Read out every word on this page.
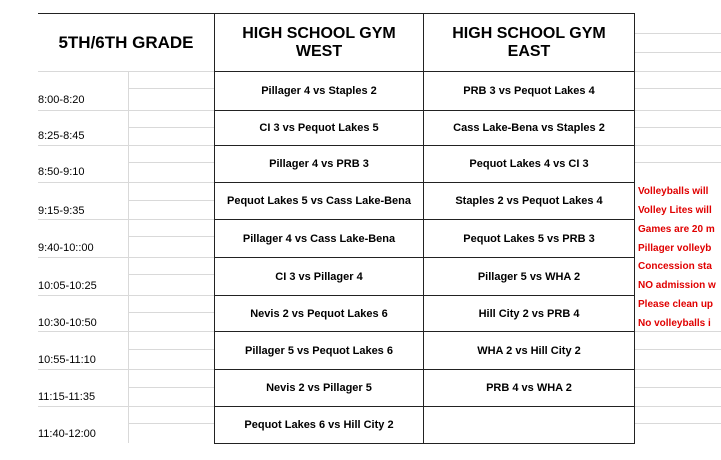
5TH/6TH GRADE	HIGH SCHOOL GYM
WEST
HIGH SCHOOL GYM
EAST
8:00-8:20
8:25-8:45
8:50-9:10
9:15-9:35
9:40-10::00
10:05-10:25
10:30-10:50
10:55-11:10
11:15-11:35
11:40-12:00
Pillager 4 vs Staples 2
CI 3 vs Pequot Lakes 5
Pillager 4 vs PRB 3
Pequot Lakes 5 vs Cass Lake-Bena
Pillager 4 vs Cass Lake-Bena
CI 3 vs Pillager 4
Nevis 2 vs Pequot Lakes 6
Pillager 5 vs Pequot Lakes 6
Nevis 2 vs Pillager 5
Pequot Lakes 6 vs Hill City 2
PRB 3 vs Pequot Lakes 4
Cass Lake-Bena vs Staples 2
Pequot Lakes 4 vs CI 3
Staples 2 vs Pequot Lakes 4
Pequot Lakes 5 vs PRB 3
Pillager 5 vs WHA 2
Hill City 2 vs PRB 4
WHA 2 vs Hill City 2
PRB 4 vs WHA 2
Volleyballs will
Volley Lites will
Games are 20 m
Pillager volleyb
Concession sta
NO admission w
Please clean up
No volleyballs i
